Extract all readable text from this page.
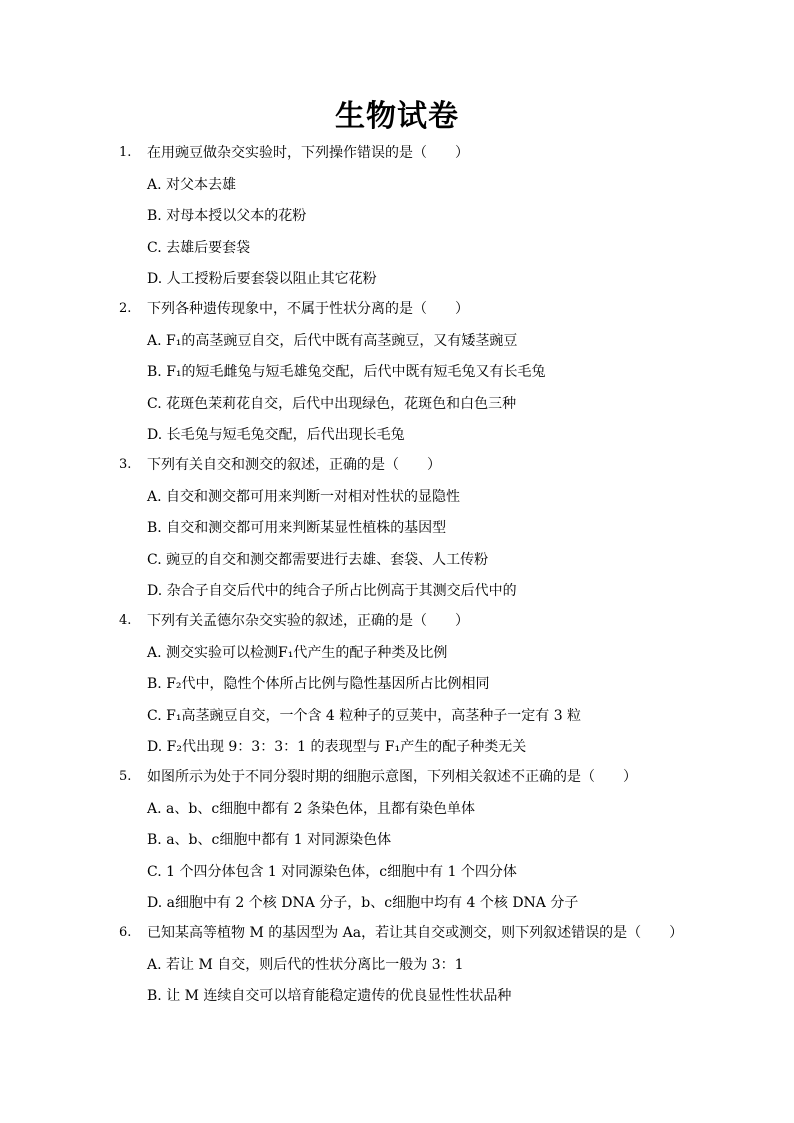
生物试卷
1.	在用豌豆做杂交实验时，下列操作错误的是（　　）
A. 对父本去雄
B. 对母本授以父本的花粉
C. 去雄后要套袋
D. 人工授粉后要套袋以阻止其它花粉
2.	下列各种遗传现象中，不属于性状分离的是（　　）
A. F₁的高茎豌豆自交，后代中既有高茎豌豆，又有矮茎豌豆
B. F₁的短毛雌兔与短毛雄兔交配，后代中既有短毛兔又有长毛兔
C. 花斑色茉莉花自交，后代中出现绿色，花斑色和白色三种
D. 长毛兔与短毛兔交配，后代出现长毛兔
3.	下列有关自交和测交的叙述，正确的是（　　）
A. 自交和测交都可用来判断一对相对性状的显隐性
B. 自交和测交都可用来判断某显性植株的基因型
C. 豌豆的自交和测交都需要进行去雄、套袋、人工传粉
D. 杂合子自交后代中的纯合子所占比例高于其测交后代中的
4.	下列有关孟德尔杂交实验的叙述，正确的是（　　）
A. 测交实验可以检测F₁代产生的配子种类及比例
B. F₂代中，隐性个体所占比例与隐性基因所占比例相同
C. F₁高茎豌豆自交，一个含 4 粒种子的豆荚中，高茎种子一定有 3 粒
D. F₂代出现 9：3：3：1 的表现型与 F₁产生的配子种类无关
5.	如图所示为处于不同分裂时期的细胞示意图，下列相关叙述不正确的是（　　）
A. a、b、c细胞中都有 2 条染色体，且都有染色单体
B. a、b、c细胞中都有 1 对同源染色体
C. 1 个四分体包含 1 对同源染色体，c细胞中有 1 个四分体
D. a细胞中有 2 个核 DNA 分子，b、c细胞中均有 4 个核 DNA 分子
6.	已知某高等植物 M 的基因型为 Aa，若让其自交或测交，则下列叙述错误的是（　　）
A. 若让 M 自交，则后代的性状分离比一般为 3：1
B. 让 M 连续自交可以培育能稳定遗传的优良显性性状品种
